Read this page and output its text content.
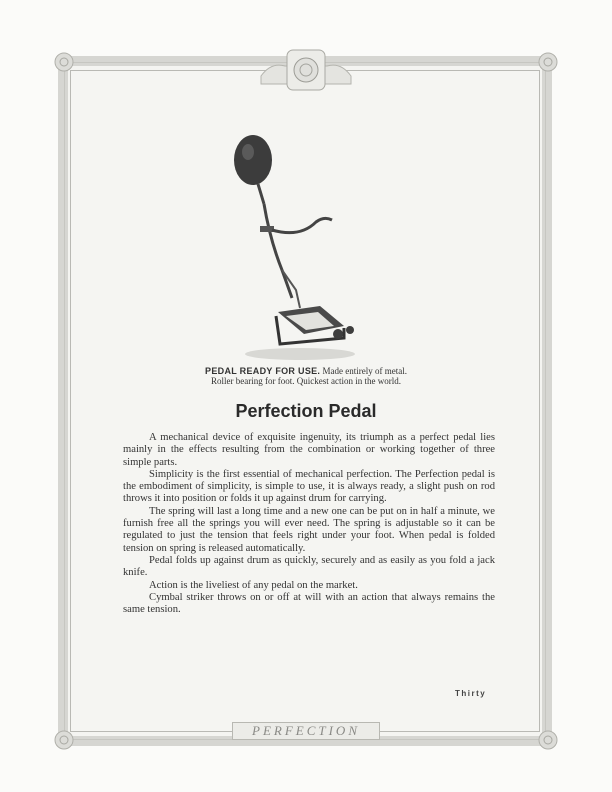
PEDAL READY FOR USE. Made entirely of metal. Roller bearing for foot. Quickest action in the world.
Perfection Pedal

A mechanical device of exquisite ingenuity, its triumph as a perfect pedal lies mainly in the effects resulting from the combination or working together of three simple parts.

Simplicity is the first essential of mechanical perfection. The Perfection pedal is the embodiment of simplicity, is simple to use, it is always ready, a slight push on rod throws it into position or folds it up against drum for carrying.

The spring will last a long time and a new one can be put on in half a minute, we furnish free all the springs you will ever need. The spring is adjustable so it can be regulated to just the tension that feels right under your foot. When pedal is folded tension on spring is released automatically.

Pedal folds up against drum as quickly, securely and as easily as you fold a jack knife.

Action is the liveliest of any pedal on the market.

Cymbal striker throws on or off at will with an action that always remains the same tension.

Thirty
PERFECTION
